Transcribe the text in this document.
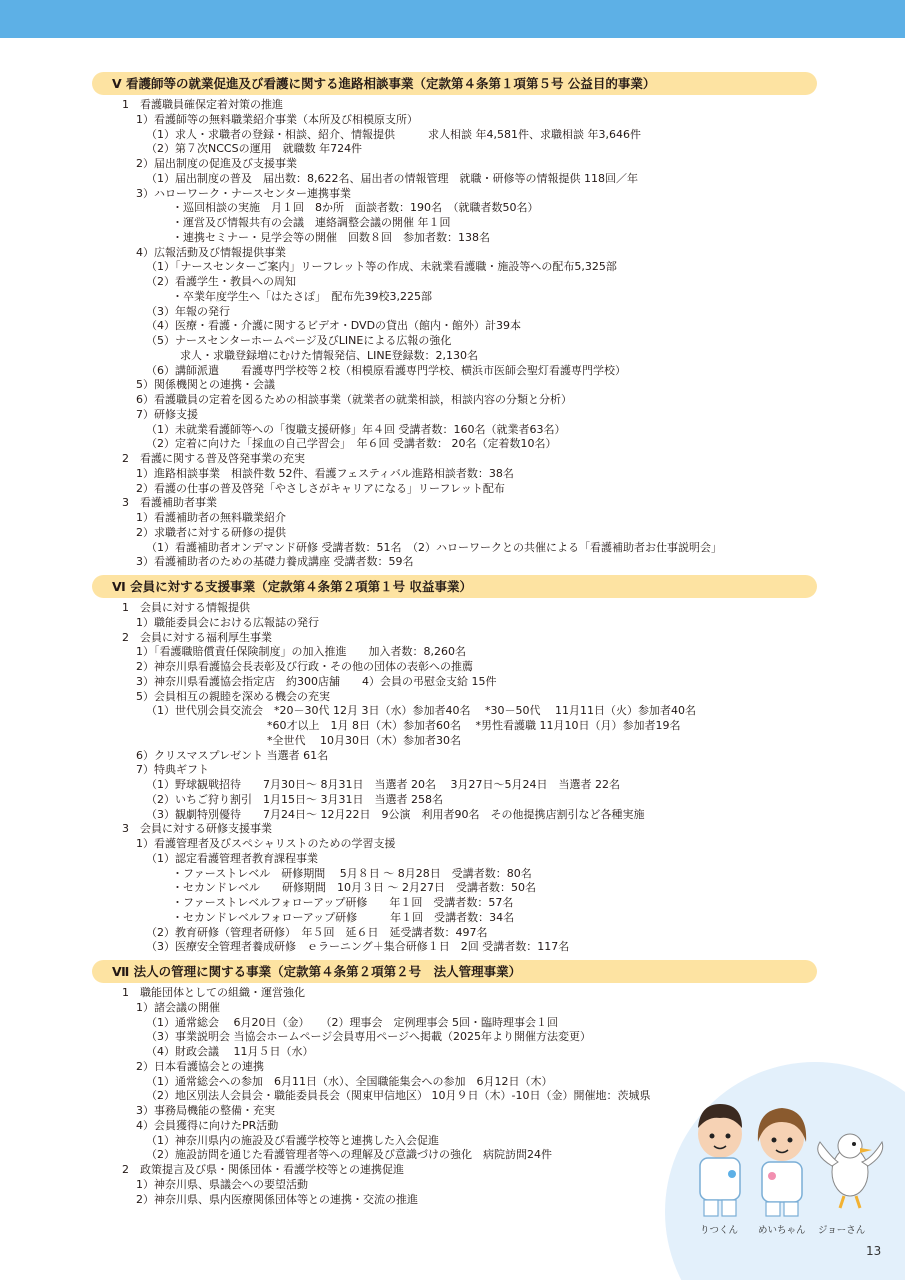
りつくん めいちゃん ジョーさん
Ⅴ 看護師等の就業促進及び看護に関する進路相談事業（定款第４条第１項第５号 公益目的事業）
1　看護職員確保定着対策の推進
1）看護師等の無料職業紹介事業（本所及び相模原支所）
（1）求人・求職者の登録・相談、紹介、情報提供　　　求人相談 年4,581件、求職相談 年3,646件
（2）第７次NCCSの運用　就職数 年724件
2）届出制度の促進及び支援事業
（1）届出制度の普及　届出数：8,622名、届出者の情報管理　就職・研修等の情報提供 118回／年
3）ハローワーク・ナースセンター連携事業
・巡回相談の実施　月１回　8か所　面談者数：190名　（就職者数50名）
・運営及び情報共有の会議　連絡調整会議の開催 年１回
・連携セミナー・見学会等の開催　回数８回　参加者数：138名
4）広報活動及び情報提供事業
（1）「ナースセンターご案内」リーフレット等の作成、未就業看護職・施設等への配布5,325部
（2）看護学生・教員への周知
・卒業年度学生へ「はたさぽ」　配布先39校3,225部
（3）年報の発行
（4）医療・看護・介護に関するビデオ・DVDの貸出（館内・館外）計39本
（5）ナースセンターホームページ及びLINEによる広報の強化
求人・求職登録増にむけた情報発信、LINE登録数：2,130名
（6）講師派遣　　看護専門学校等２校（相模原看護専門学校、横浜市医師会聖灯看護専門学校）
5）関係機関との連携・会議
6）看護職員の定着を図るための相談事業（就業者の就業相談，相談内容の分類と分析）
7）研修支援
（1）未就業看護師等への「復職支援研修」年４回 受講者数：160名（就業者63名）
（2）定着に向けた「採血の自己学習会」　年６回 受講者数： 20名（定着数10名）
2　看護に関する普及啓発事業の充実
1）進路相談事業　相談件数 52件、看護フェスティバル進路相談者数：38名
2）看護の仕事の普及啓発「やさしさがキャリアになる」リーフレット配布
3　看護補助者事業
1）看護補助者の無料職業紹介
2）求職者に対する研修の提供
（1）看護補助者オンデマンド研修 受講者数：51名　（2）ハローワークとの共催による「看護補助者お仕事説明会」
3）看護補助者のための基礎力養成講座 受講者数：59名
Ⅵ 会員に対する支援事業（定款第４条第２項第１号 収益事業）
1　会員に対する情報提供
1）職能委員会における広報誌の発行
2　会員に対する福利厚生事業
1）「看護職賠償責任保険制度」の加入推進　　加入者数：8,260名
2）神奈川県看護協会長表彰及び行政・その他の団体の表彰への推薦
3）神奈川県看護協会指定店　約300店舗　　4）会員の弔慰金支給 15件
5）会員相互の親睦を深める機会の充実
（1）世代別会員交流会　*20－30代 12月 3日（水）参加者40名　 *30－50代　 11月11日（火）参加者40名
　　　　　　　　　　　*60才以上　1月 8日（木）参加者60名　 *男性看護職 11月10日（月）参加者19名
　　　　　　　　　　　*全世代　 10月30日（木）参加者30名
6）クリスマスプレゼント 当選者 61名
7）特典ギフト
（1）野球観戦招待　　7月30日～ 8月31日　当選者 20名　 3月27日～5月24日　当選者 22名
（2）いちご狩り割引　1月15日～ 3月31日　当選者 258名
（3）観劇特別優待　　7月24日～ 12月22日　9公演　利用者90名　その他提携店割引など各種実施
3　会員に対する研修支援事業
1）看護管理者及びスペシャリストのための学習支援
（1）認定看護管理者教育課程事業
・ファーストレベル　研修期間　 5月８日 ～ 8月28日　受講者数：80名
・セカンドレベル　　研修期間　10月３日 ～ 2月27日　受講者数：50名
・ファーストレベルフォローアップ研修　　年１回　受講者数：57名
・セカンドレベルフォローアップ研修　　　年１回　受講者数：34名
（2）教育研修（管理者研修）　年５回　延６日　延受講者数：497名
（3）医療安全管理者養成研修　ｅラーニング＋集合研修１日　2回 受講者数：117名
Ⅶ 法人の管理に関する事業（定款第４条第２項第２号　法人管理事業）
1　職能団体としての組織・運営強化
1）諸会議の開催
（1）通常総会　 6月20日（金）　　（2）理事会　定例理事会 5回・臨時理事会１回
（3）事業説明会 当協会ホームページ会員専用ページへ掲載（2025年より開催方法変更）
（4）財政会議　 11月５日（水）
2）日本看護協会との連携
（1）通常総会への参加　6月11日（水）、全国職能集会への参加　6月12日（木）
（2）地区別法人会員会・職能委員長会（関東甲信地区） 10月９日（木）-10日（金）開催地：茨城県
3）事務局機能の整備・充実
4）会員獲得に向けたPR活動
（1）神奈川県内の施設及び看護学校等と連携した入会促進
（2）施設訪問を通じた看護管理者等への理解及び意識づけの強化　病院訪問24件
2　政策提言及び県・関係団体・看護学校等との連携促進
1）神奈川県、県議会への要望活動
2）神奈川県、県内医療関係団体等との連携・交流の推進
13
